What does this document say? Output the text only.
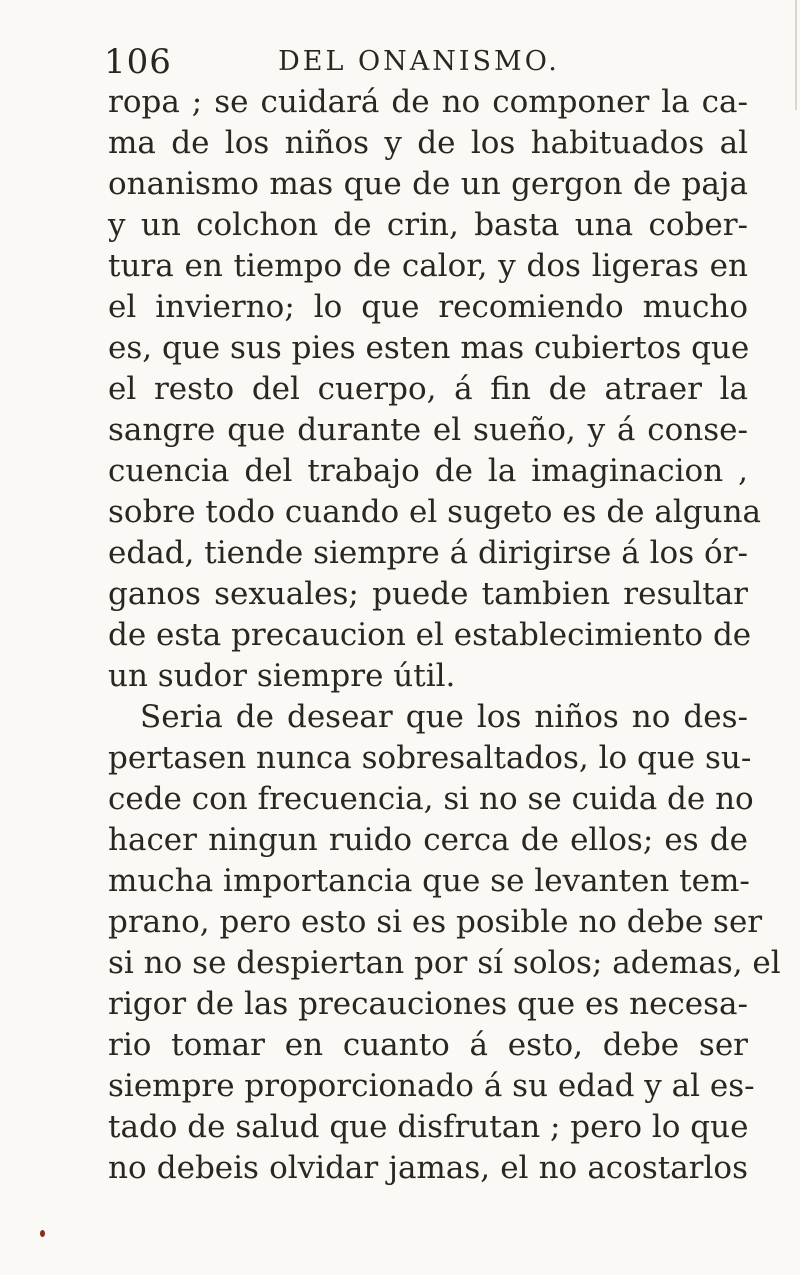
106	DEL ONANISMO.
ropa ; se cuidará de no componer la ca-
ma de los niños y de los habituados al
onanismo mas que de un gergon de paja
y un colchon de crin, basta una cober-
tura en tiempo de calor, y dos ligeras en
el invierno; lo que recomiendo mucho
es, que sus pies esten mas cubiertos que
el resto del cuerpo, á fin de atraer la
sangre que durante el sueño, y á conse-
cuencia del trabajo de la imaginacion ,
sobre todo cuando el sugeto es de alguna
edad, tiende siempre á dirigirse á los ór-
ganos sexuales; puede tambien resultar
de esta precaucion el establecimiento de
un sudor siempre útil.
Seria de desear que los niños no des-
pertasen nunca sobresaltados, lo que su-
cede con frecuencia, si no se cuida de no
hacer ningun ruido cerca de ellos; es de
mucha importancia que se levanten tem-
prano, pero esto si es posible no debe ser
si no se despiertan por sí solos; ademas, el
rigor de las precauciones que es necesa-
rio tomar en cuanto á esto, debe ser
siempre proporcionado á su edad y al es-
tado de salud que disfrutan ; pero lo que
no debeis olvidar jamas, el no acostarlos
